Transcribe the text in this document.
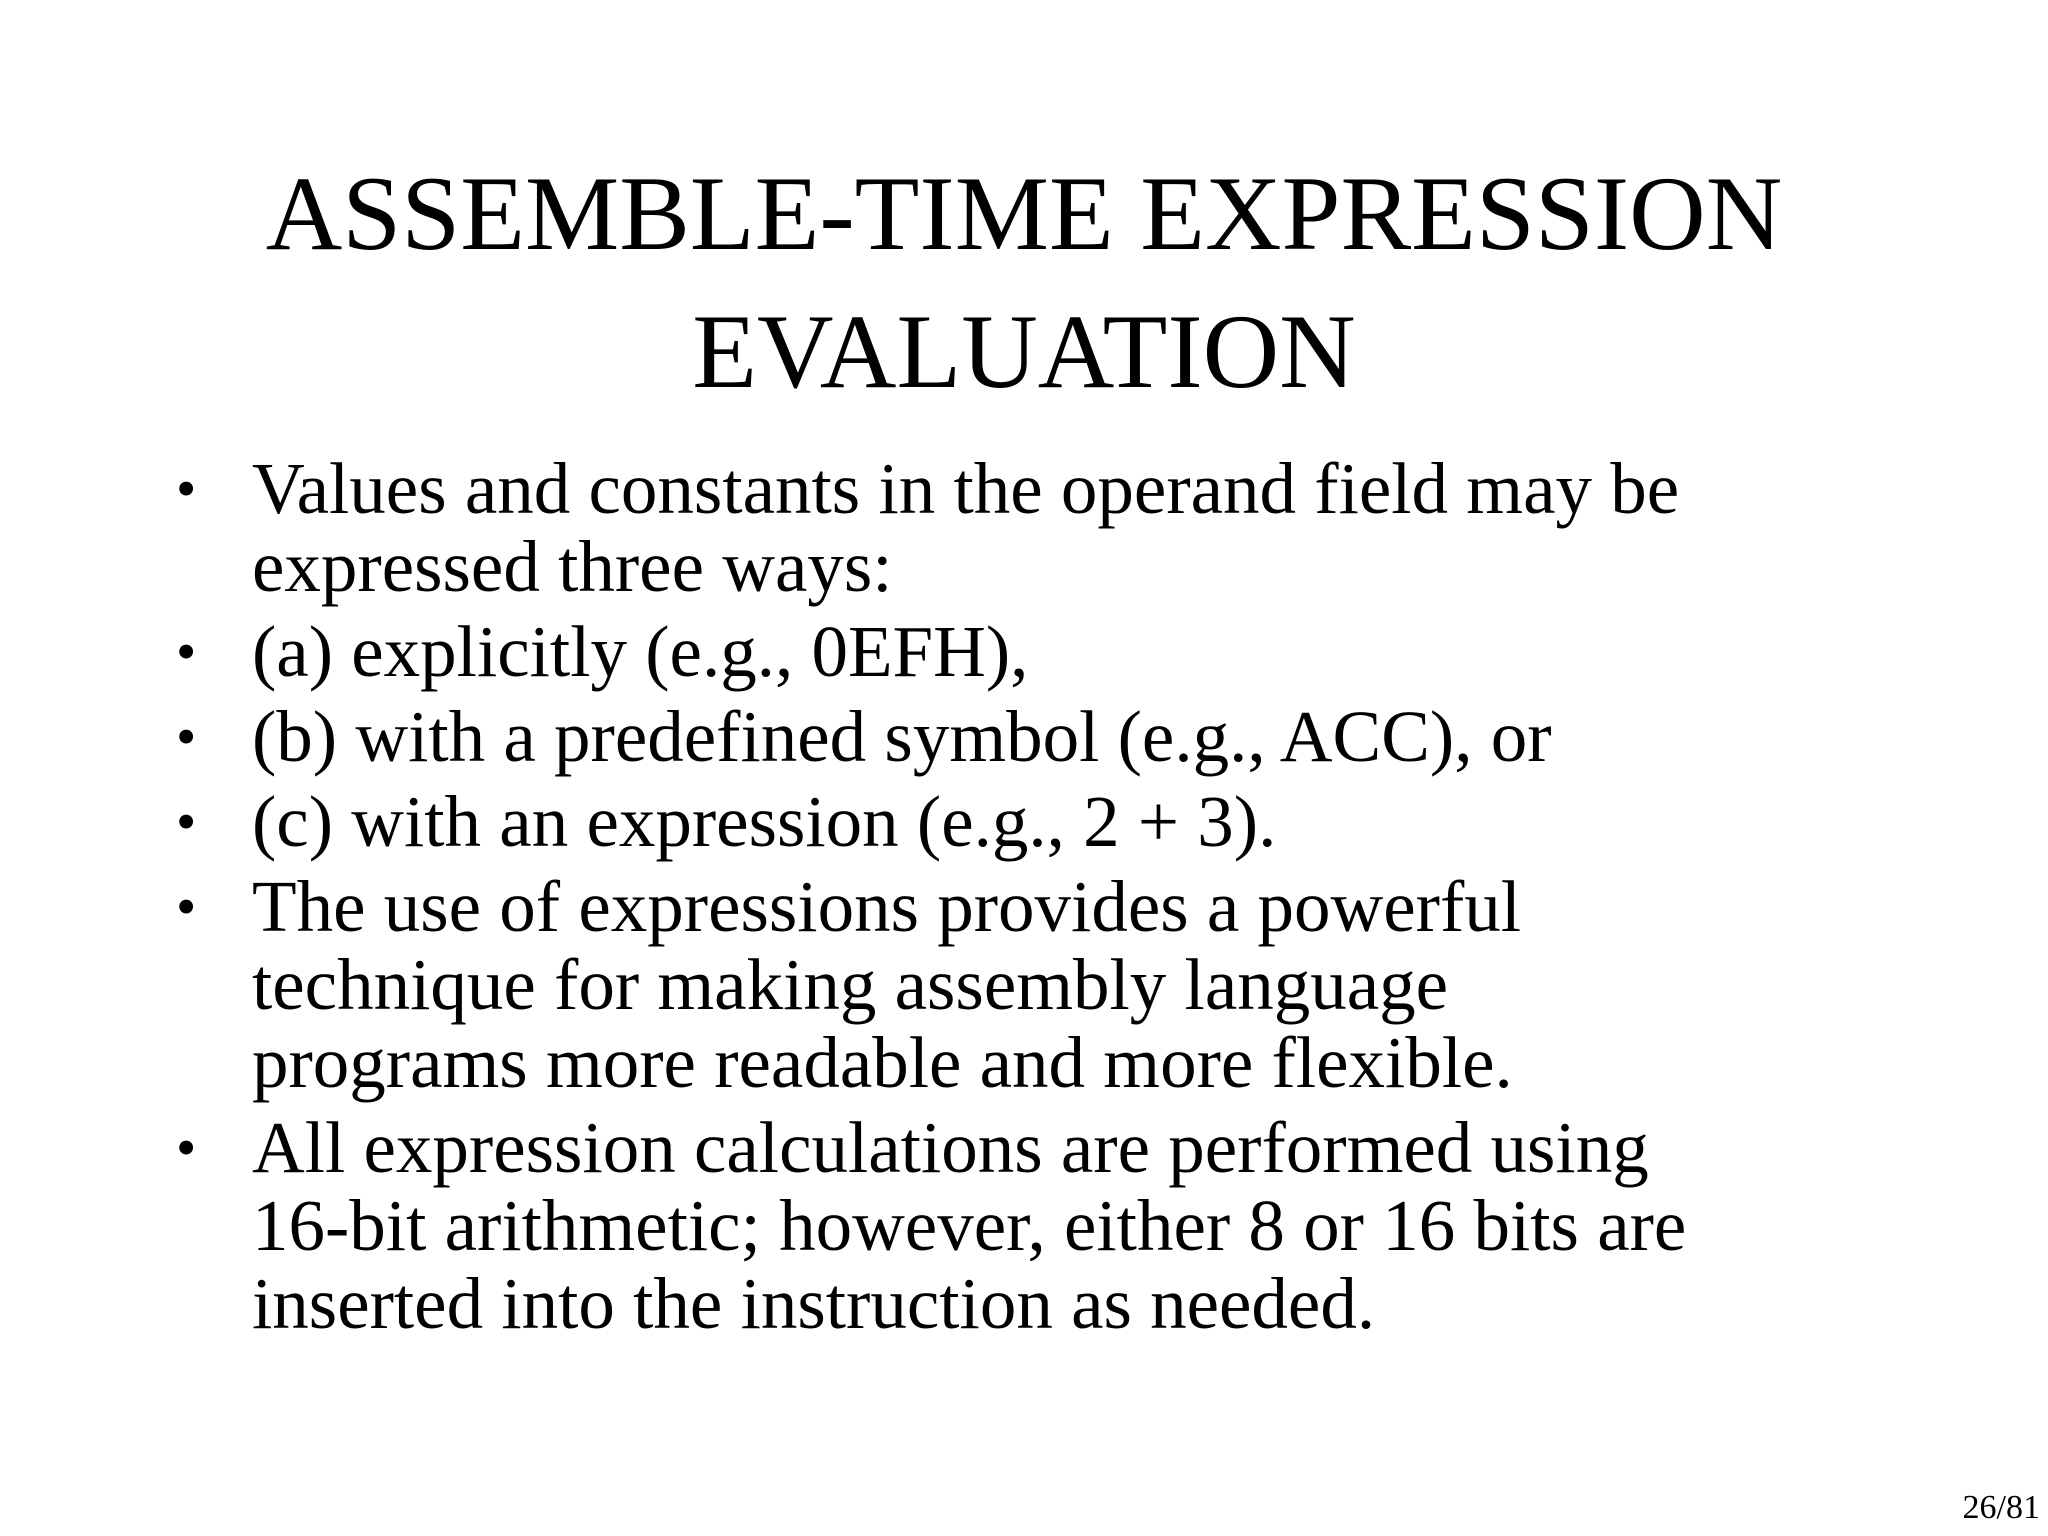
ASSEMBLE-TIME EXPRESSION
EVALUATION
• Values and constants in the operand field may be
expressed three ways:
• (a) explicitly (e.g., 0EFH),
• (b) with a predefined symbol (e.g., ACC), or
• (c) with an expression (e.g., 2 + 3).
• The use of expressions provides a powerful
technique for making assembly language
programs more readable and more flexible.
• All expression calculations are performed using
16-bit arithmetic; however, either 8 or 16 bits are
inserted into the instruction as needed.
26/81
